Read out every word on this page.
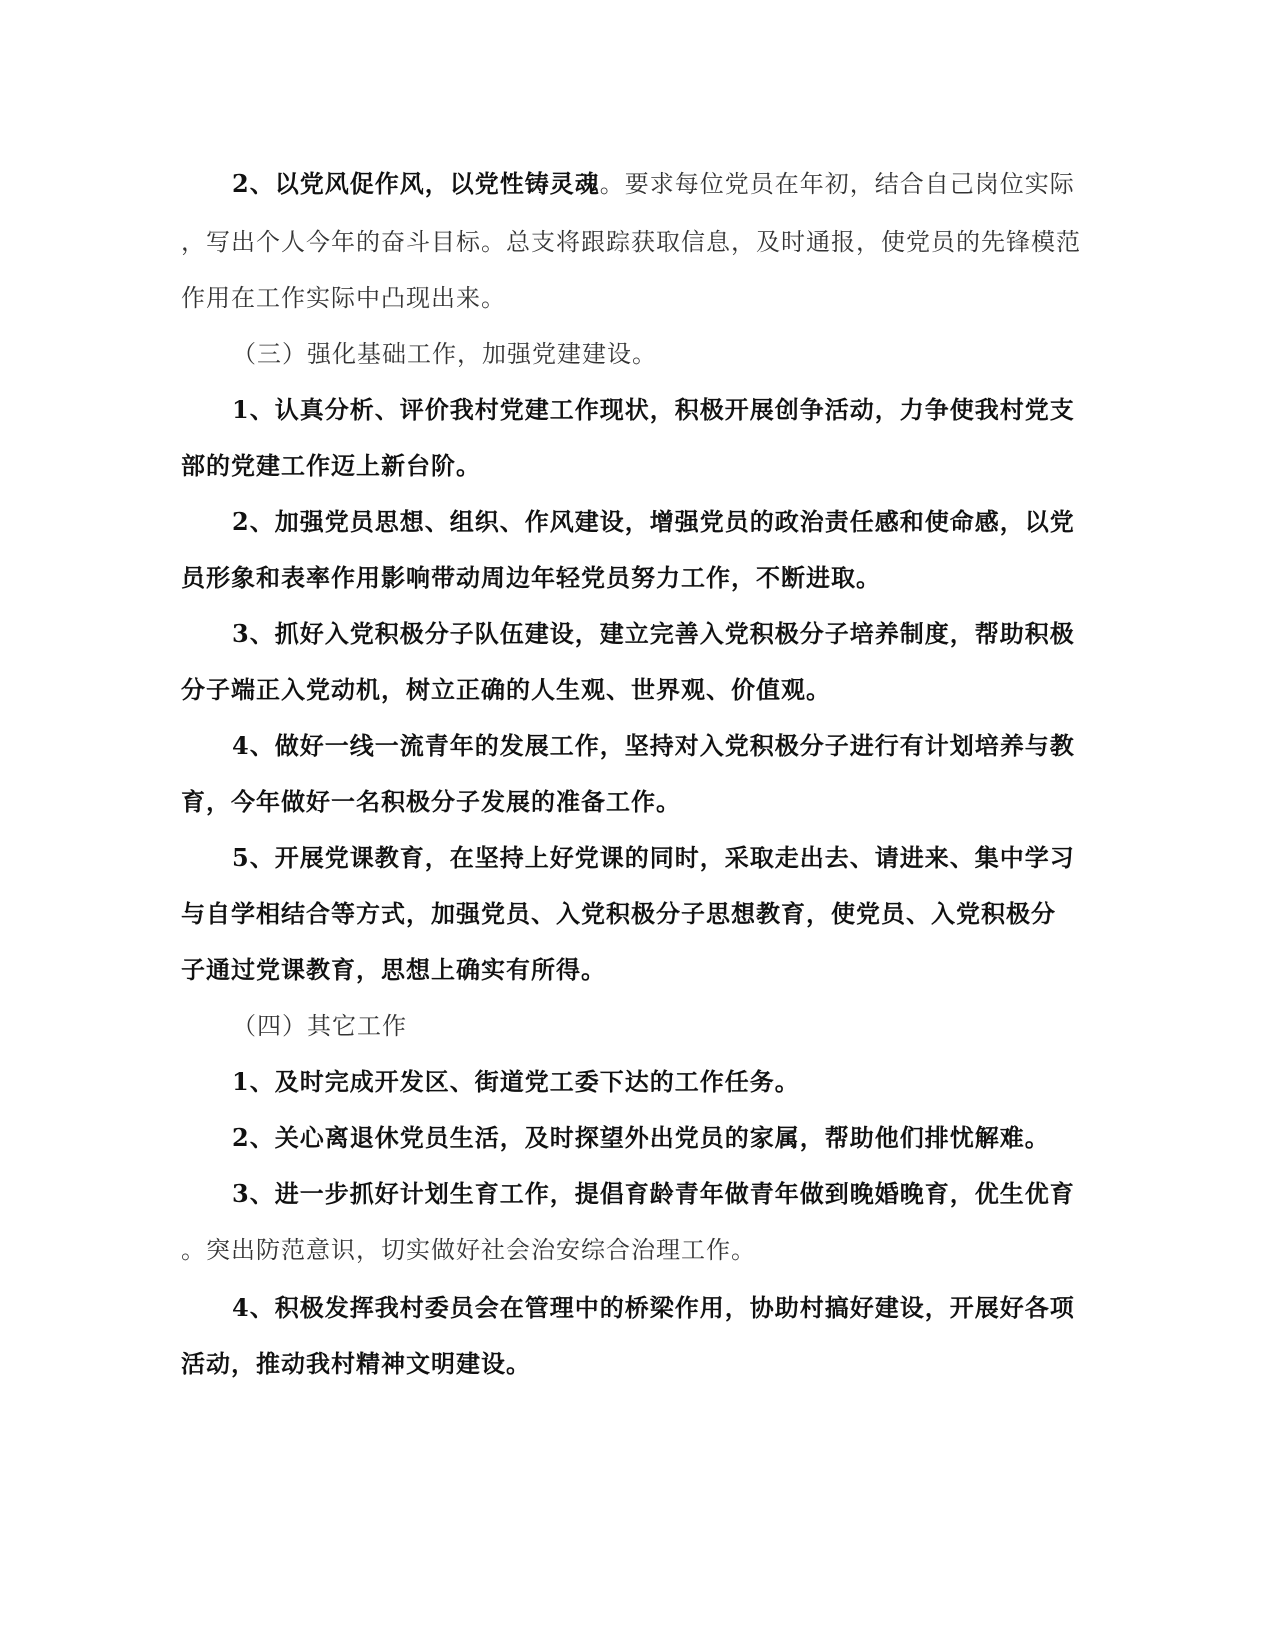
2、以党风促作风，以党性铸灵魂。要求每位党员在年初，结合自己岗位实际
，写出个人今年的奋斗目标。总支将跟踪获取信息，及时通报，使党员的先锋模范
作用在工作实际中凸现出来。
（三）强化基础工作，加强党建建设。
1、认真分析、评价我村党建工作现状，积极开展创争活动，力争使我村党支
部的党建工作迈上新台阶。
2、加强党员思想、组织、作风建设，增强党员的政治责任感和使命感，以党
员形象和表率作用影响带动周边年轻党员努力工作，不断进取。
3、抓好入党积极分子队伍建设，建立完善入党积极分子培养制度，帮助积极
分子端正入党动机，树立正确的人生观、世界观、价值观。
4、做好一线一流青年的发展工作，坚持对入党积极分子进行有计划培养与教
育，今年做好一名积极分子发展的准备工作。
5、开展党课教育，在坚持上好党课的同时，采取走出去、请进来、集中学习
与自学相结合等方式，加强党员、入党积极分子思想教育，使党员、入党积极分
子通过党课教育，思想上确实有所得。
（四）其它工作
1、及时完成开发区、街道党工委下达的工作任务。
2、关心离退休党员生活，及时探望外出党员的家属，帮助他们排忧解难。
3、进一步抓好计划生育工作，提倡育龄青年做青年做到晚婚晚育，优生优育
。突出防范意识，切实做好社会治安综合治理工作。
4、积极发挥我村委员会在管理中的桥梁作用，协助村搞好建设，开展好各项
活动，推动我村精神文明建设。
